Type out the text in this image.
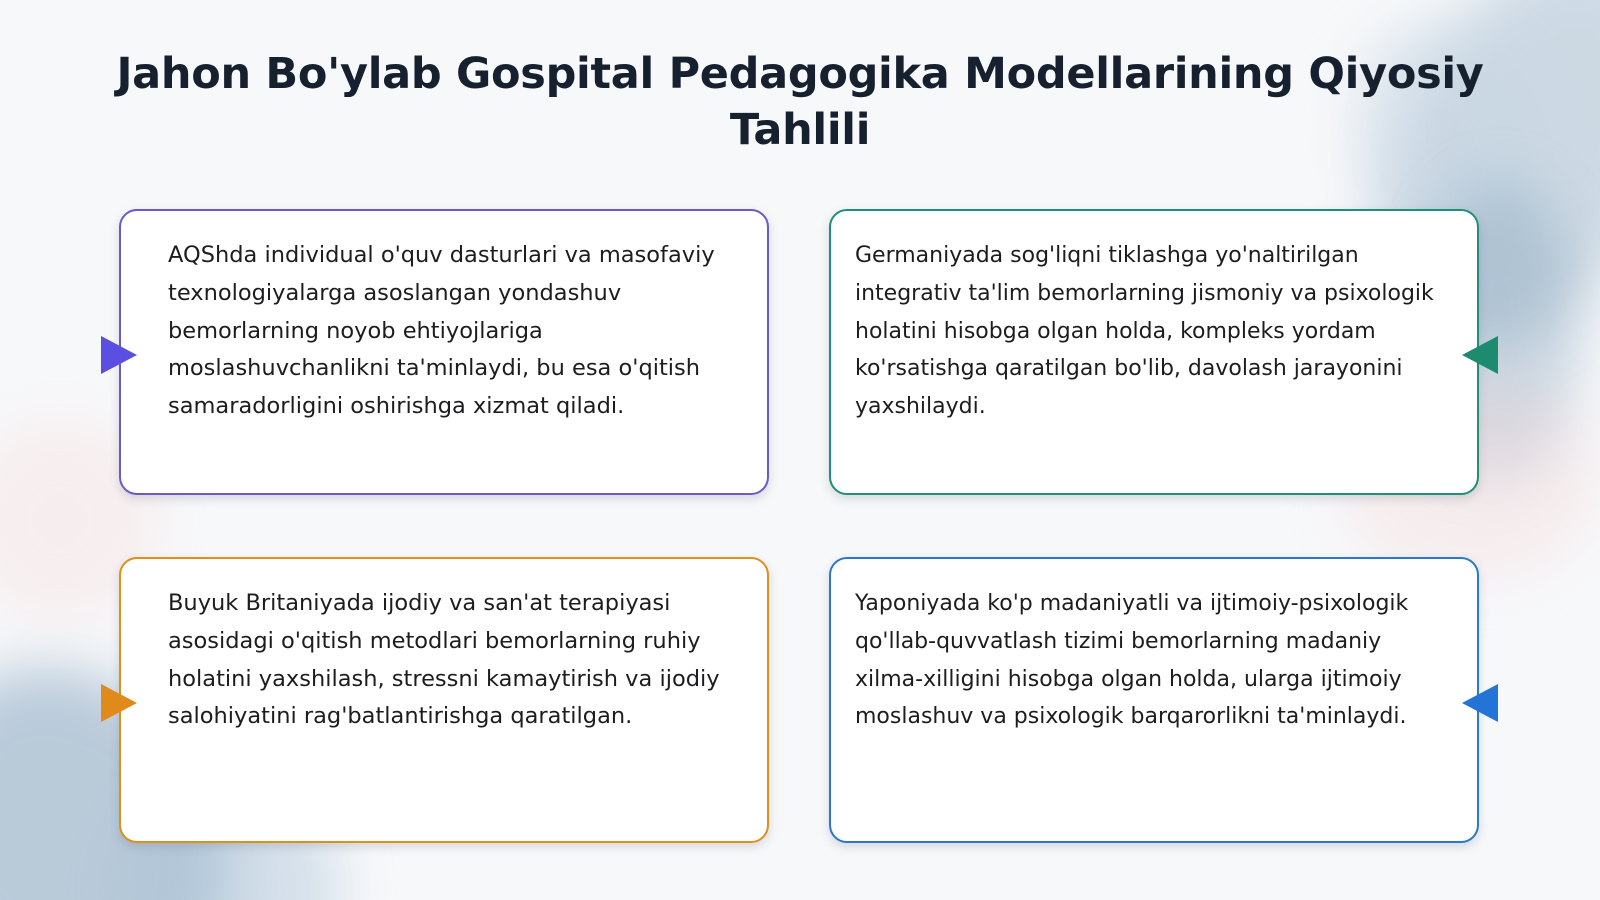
Jahon Bo'ylab Gospital Pedagogika Modellarining Qiyosiy Tahlili

AQShda individual o'quv dasturlari va masofaviy texnologiyalarga asoslangan yondashuv bemorlarning noyob ehtiyojlariga moslashuvchanlikni ta'minlaydi, bu esa o'qitish samaradorligini oshirishga xizmat qiladi.

Germaniyada sog'liqni tiklashga yo'naltirilgan integrativ ta'lim bemorlarning jismoniy va psixologik holatini hisobga olgan holda, kompleks yordam ko'rsatishga qaratilgan bo'lib, davolash jarayonini yaxshilaydi.

Buyuk Britaniyada ijodiy va san'at terapiyasi asosidagi o'qitish metodlari bemorlarning ruhiy holatini yaxshilash, stressni kamaytirish va ijodiy salohiyatini rag'batlantirishga qaratilgan.

Yaponiyada ko'p madaniyatli va ijtimoiy-psixologik qo'llab-quvvatlash tizimi bemorlarning madaniy xilma-xilligini hisobga olgan holda, ularga ijtimoiy moslashuv va psixologik barqarorlikni ta'minlaydi.
